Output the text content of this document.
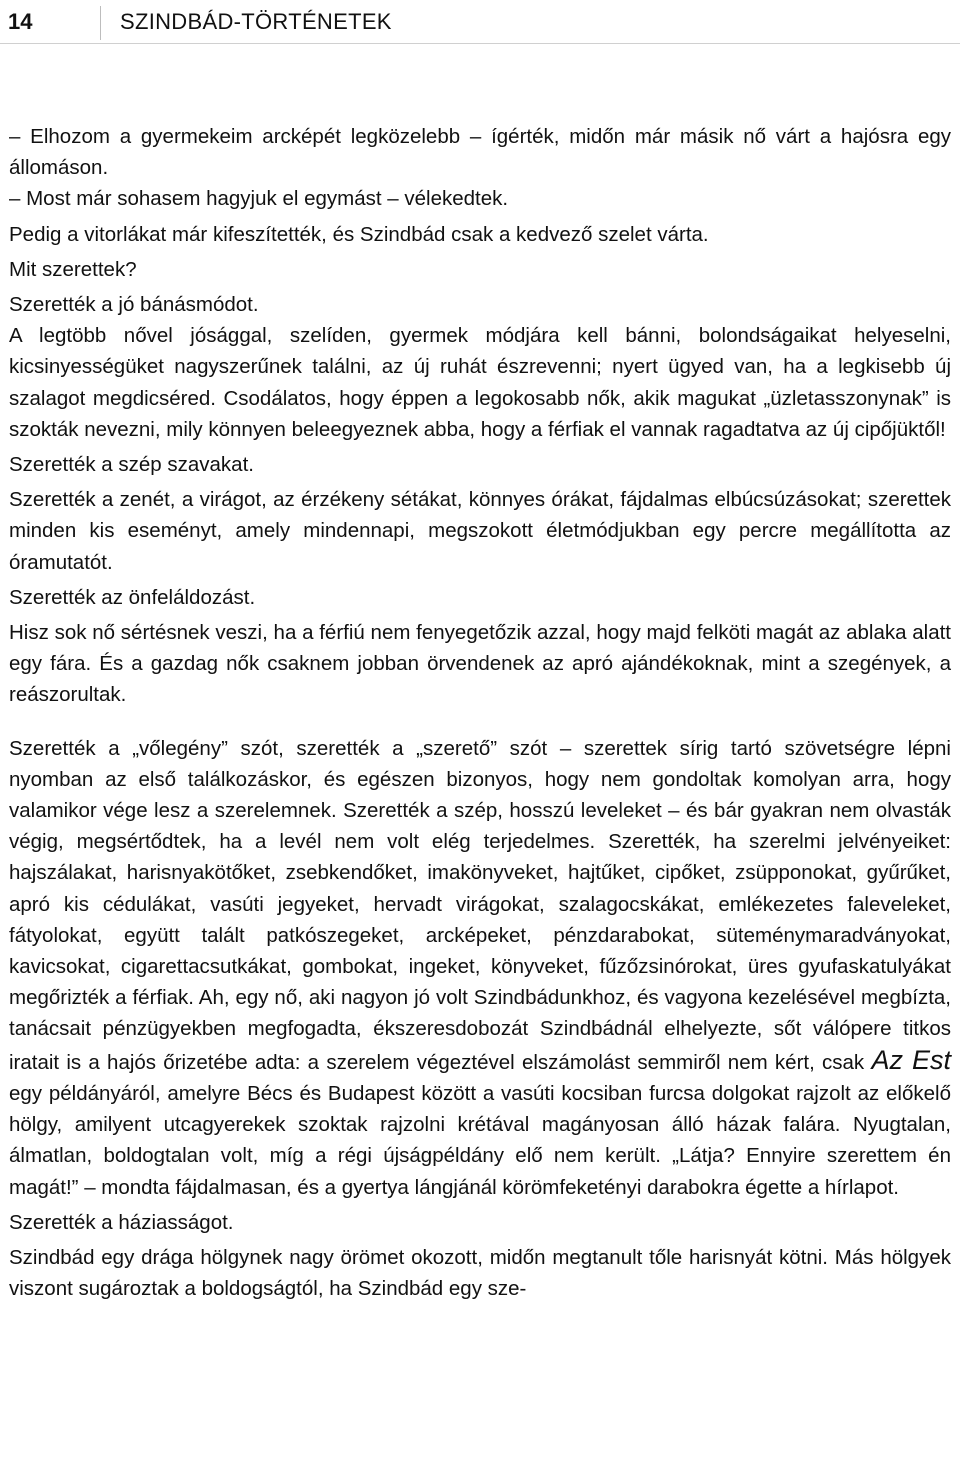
14	SZINDBÁD-TÖRTÉNETEK

– Elhozom a gyermekeim arcképét legközelebb – ígérték, midőn már másik nő várt a hajósra egy állomáson.

– Most már sohasem hagyjuk el egymást – vélekedtek.

Pedig a vitorlákat már kifeszítették, és Szindbád csak a kedvező szelet várta.

Mit szerettek?

Szerették a jó bánásmódot.

A legtöbb nővel jósággal, szelíden, gyermek módjára kell bánni, bolondságaikat helyeselni, kicsinyességüket nagyszerűnek találni, az új ruhát észrevenni; nyert ügyed van, ha a legkisebb új szalagot megdicséred. Csodálatos, hogy éppen a legokosabb nők, akik magukat „üzletasszonynak” is szokták nevezni, mily könnyen beleegyeznek abba, hogy a férfiak el vannak ragadtatva az új cipőjüktől!

Szerették a szép szavakat.

Szerették a zenét, a virágot, az érzékeny sétákat, könnyes órákat, fájdalmas elbúcsúzásokat; szerettek minden kis eseményt, amely mindennapi, megszokott életmódjukban egy percre megállította az óramutatót.

Szerették az önfeláldozást.

Hisz sok nő sértésnek veszi, ha a férfiú nem fenyegetőzik azzal, hogy majd felköti magát az ablaka alatt egy fára. És a gazdag nők csaknem jobban örvendenek az apró ajándékoknak, mint a szegények, a reászorultak.

Szerették a „vőlegény” szót, szerették a „szerető” szót – szerettek sírig tartó szövetségre lépni nyomban az első találkozáskor, és egészen bizonyos, hogy nem gondoltak komolyan arra, hogy valamikor vége lesz a szerelemnek. Szerették a szép, hosszú leveleket – és bár gyakran nem olvasták végig, megsértődtek, ha a levél nem volt elég terjedelmes. Szerették, ha szerelmi jelvényeiket: hajszálakat, harisnyakötőket, zsebkendőket, imakönyveket, hajtűket, cipőket, zsüpponokat, gyűrűket, apró kis cédulákat, vasúti jegyeket, hervadt virágokat, szalagocskákat, emlékezetes faleveleket, fátyolokat, együtt talált patkószegeket, arcképeket, pénzdarabokat, süteménymaradványokat, kavicsokat, cigarettacsutkákat, gombokat, ingeket, könyveket, fűzőzsinórokat, üres gyufaskatulyákat megőrizték a férfiak. Ah, egy nő, aki nagyon jó volt Szindbádunkhoz, és vagyona kezelésével megbízta, tanácsait pénzügyekben megfogadta, ékszeresdobozát Szindbádnál elhelyezte, sőt válópere titkos iratait is a hajós őrizetébe adta: a szerelem végeztével elszámolást semmiről nem kért, csak Az Est egy példányáról, amelyre Bécs és Budapest között a vasúti kocsiban furcsa dolgokat rajzolt az előkelő hölgy, amilyent utcagyerekek szoktak rajzolni krétával magányosan álló házak falára. Nyugtalan, álmatlan, boldogtalan volt, míg a régi újságpéldány elő nem került. „Látja? Ennyire szerettem én magát!” – mondta fájdalmasan, és a gyertya lángjánál körömfeketényi darabokra égette a hírlapot.

Szerették a háziasságot.

Szindbád egy drága hölgynek nagy örömet okozott, midőn megtanult tőle harisnyát kötni. Más hölgyek viszont sugároztak a boldogságtól, ha Szindbád egy sze-
